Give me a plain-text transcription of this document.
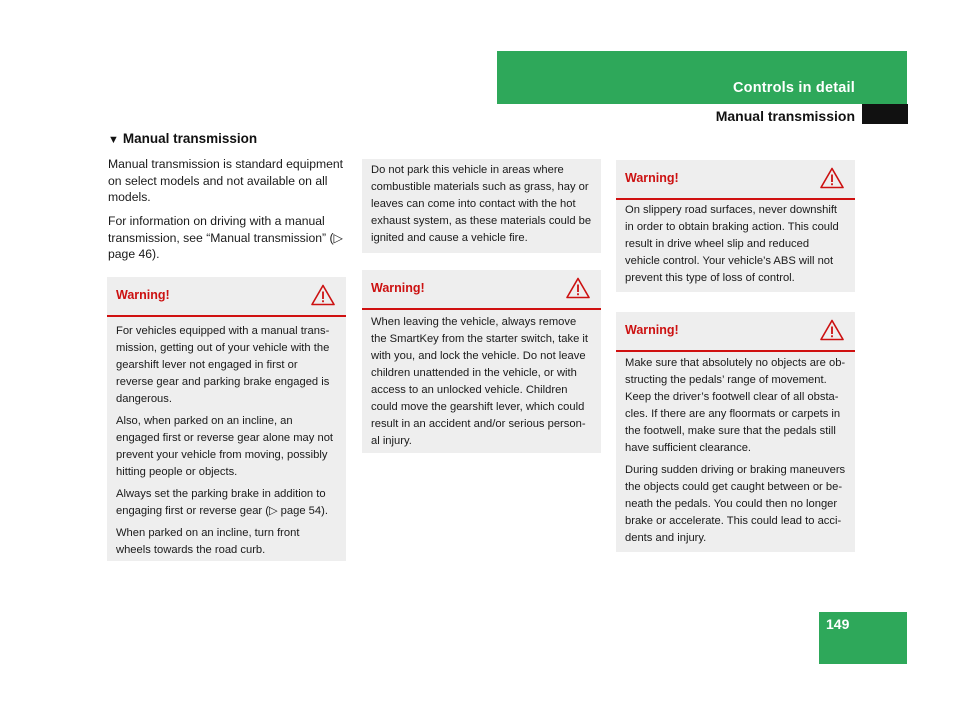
Controls in detail
Manual transmission
▼ Manual transmission

Manual transmission is standard equipment on select models and not available on all models.

For information on driving with a manual transmission, see “Manual transmission” (▷ page 46).

Warning!

For vehicles equipped with a manual trans-mission, getting out of your vehicle with the gearshift lever not engaged in first or reverse gear and parking brake engaged is dangerous.

Also, when parked on an incline, an engaged first or reverse gear alone may not prevent your vehicle from moving, possibly hitting people or objects.

Always set the parking brake in addition to engaging first or reverse gear (▷ page 54).

When parked on an incline, turn front wheels towards the road curb.

Do not park this vehicle in areas where combustible materials such as grass, hay or leaves can come into contact with the hot exhaust system, as these materials could be ignited and cause a vehicle fire.

Warning!

When leaving the vehicle, always remove the SmartKey from the starter switch, take it with you, and lock the vehicle. Do not leave children unattended in the vehicle, or with access to an unlocked vehicle. Children could move the gearshift lever, which could result in an accident and/or serious person-al injury.

Warning!

On slippery road surfaces, never downshift in order to obtain braking action. This could result in drive wheel slip and reduced vehicle control. Your vehicle’s ABS will not prevent this type of loss of control.

Warning!

Make sure that absolutely no objects are ob-structing the pedals’ range of movement. Keep the driver’s footwell clear of all obsta-cles. If there are any floormats or carpets in the footwell, make sure that the pedals still have sufficient clearance.

During sudden driving or braking maneuvers the objects could get caught between or be-neath the pedals. You could then no longer brake or accelerate. This could lead to acci-dents and injury.

149
